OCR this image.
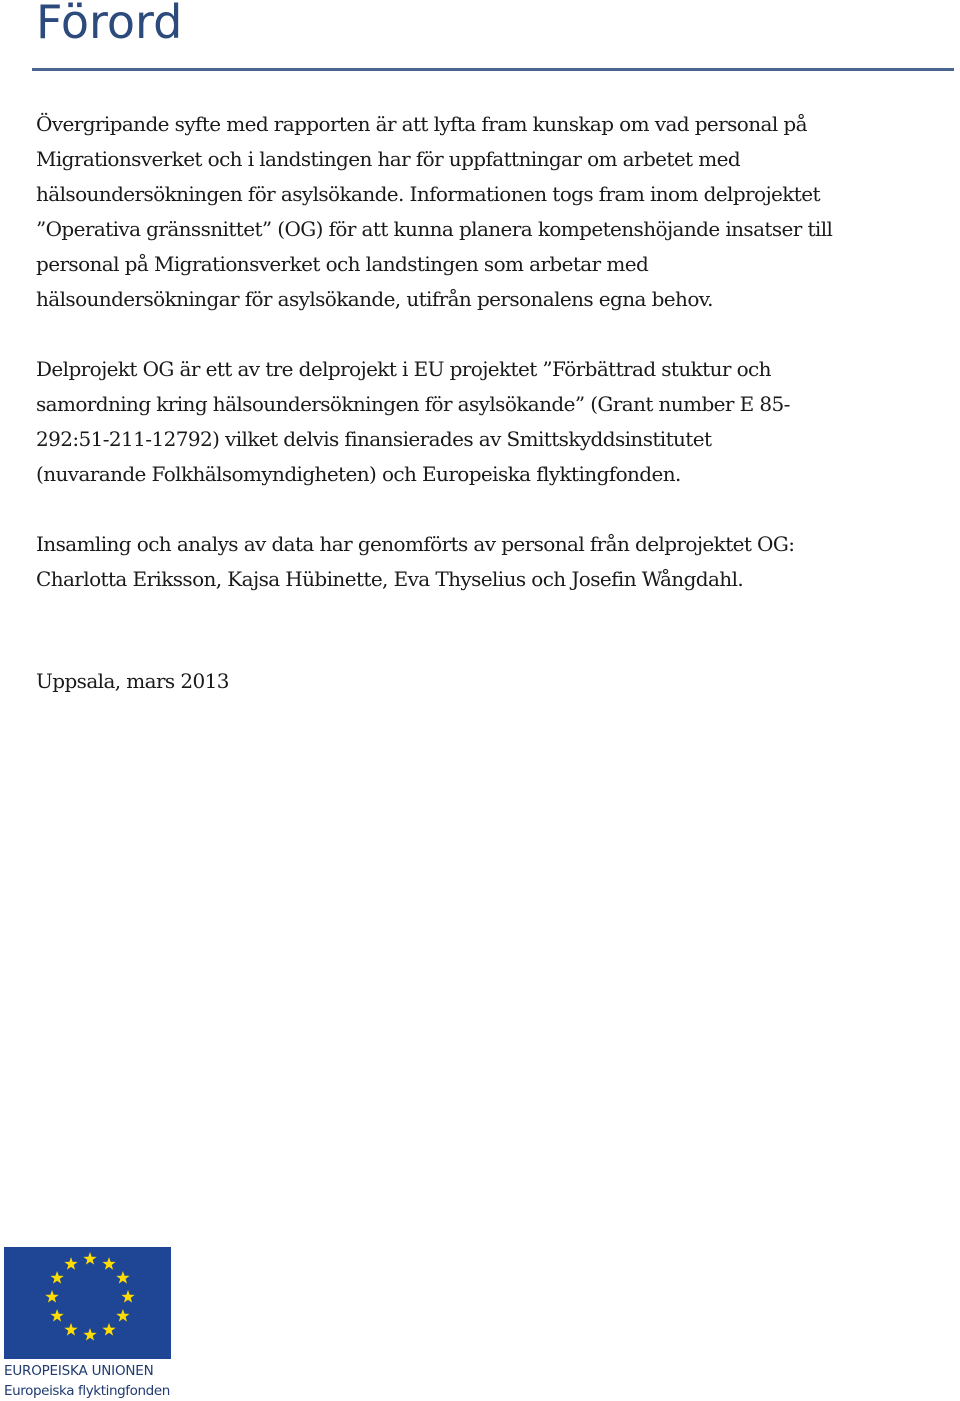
Förord

Övergripande syfte med rapporten är att lyfta fram kunskap om vad personal på
Migrationsverket och i landstingen har för uppfattningar om arbetet med
hälsoundersökningen för asylsökande. Informationen togs fram inom delprojektet
”Operativa gränssnittet” (OG) för att kunna planera kompetenshöjande insatser till
personal på Migrationsverket och landstingen som arbetar med
hälsoundersökningar för asylsökande, utifrån personalens egna behov.

Delprojekt OG är ett av tre delprojekt i EU projektet ”Förbättrad stuktur och
samordning kring hälsoundersökningen för asylsökande” (Grant number E 85-
292:51-211-12792) vilket delvis finansierades av Smittskyddsinstitutet
(nuvarande Folkhälsomyndigheten) och Europeiska flyktingfonden.

Insamling och analys av data har genomförts av personal från delprojektet OG:
Charlotta Eriksson, Kajsa Hübinette, Eva Thyselius och Josefin Wångdahl.

Uppsala, mars 2013

EUROPEISKA UNIONEN
Europeiska flyktingfonden
